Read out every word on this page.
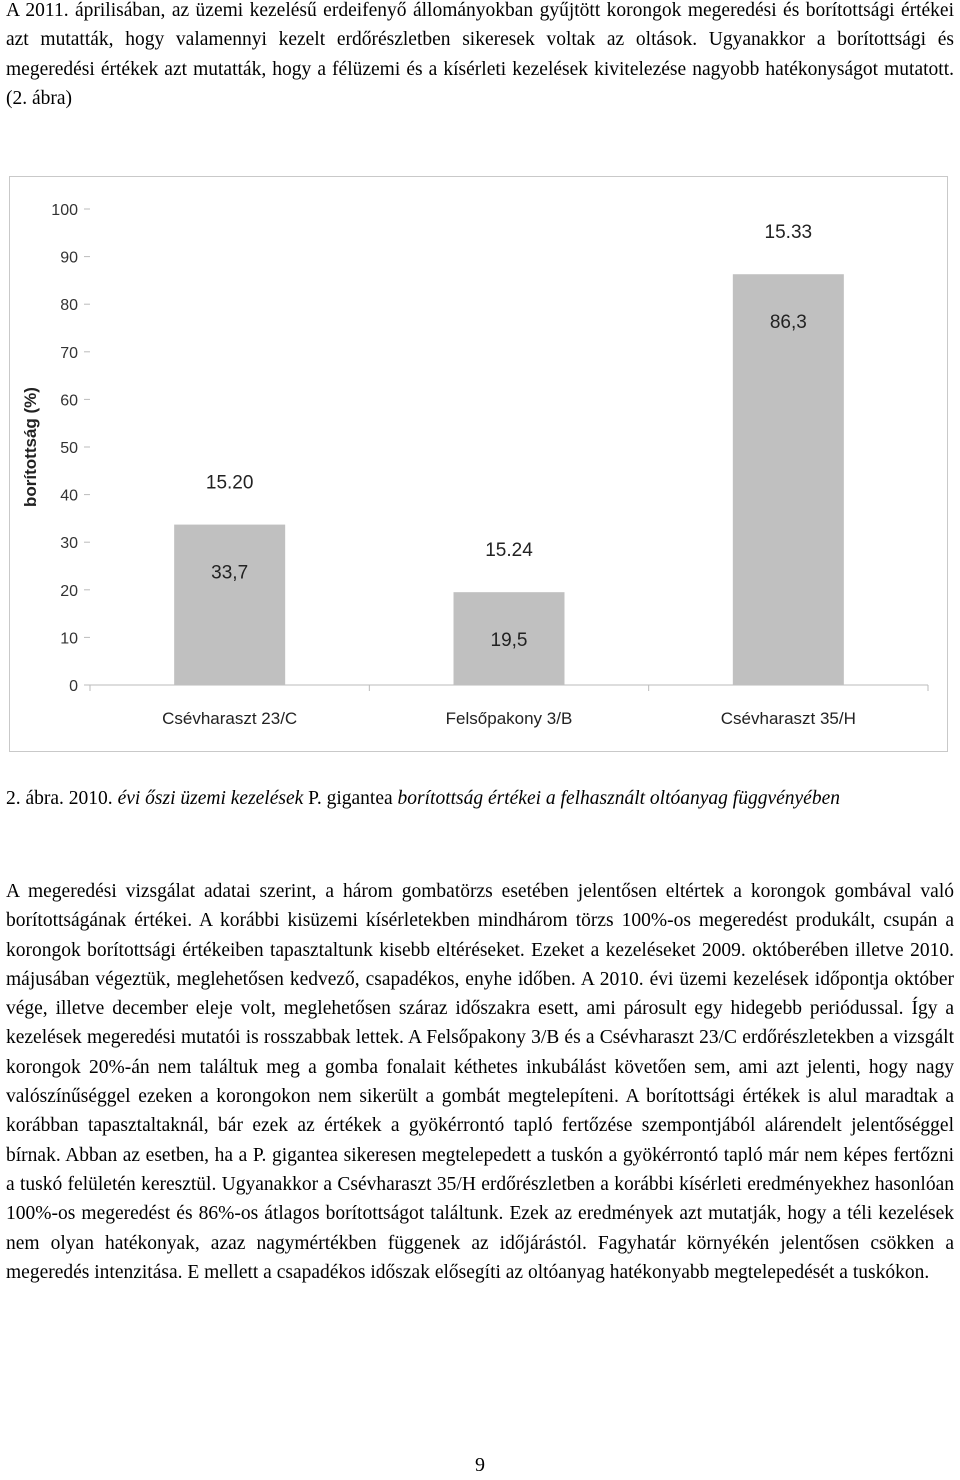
A 2011. áprilisában, az üzemi kezelésű erdeifenyő állományokban gyűjtött korongok megeredési és borítottsági értékei azt mutatták, hogy valamennyi kezelt erdőrészletben sikeresek voltak az oltások. Ugyanakkor a borítottsági és megeredési értékek azt mutatták, hogy a félüzemi és a kísérleti kezelések kivitelezése nagyobb hatékonyságot mutatott. (2. ábra)

0
10
20
30
40
50
60
70
80
90
100
borítottság (%)	15.20
33,7
Csévharaszt 23/C
15.24
19,5
Felsőpakony 3/B
15.33
86,3
Csévharaszt 35/H

2. ábra. 2010. évi őszi üzemi kezelések P. gigantea borítottság értékei a felhasznált oltóanyag függvényében

A megeredési vizsgálat adatai szerint, a három gombatörzs esetében jelentősen eltértek a korongok gombával való borítottságának értékei. A korábbi kisüzemi kísérletekben mindhárom törzs 100%-os megeredést produkált, csupán a korongok borítottsági értékeiben tapasztaltunk kisebb eltéréseket. Ezeket a kezeléseket 2009. októberében illetve 2010. májusában végeztük, meglehetősen kedvező, csapadékos, enyhe időben. A 2010. évi üzemi kezelések időpontja október vége, illetve december eleje volt, meglehetősen száraz időszakra esett, ami párosult egy hidegebb periódussal. Így a kezelések megeredési mutatói is rosszabbak lettek. A Felsőpakony 3/B és a Csévharaszt 23/C erdőrészletekben a vizsgált korongok 20%-án nem találtuk meg a gomba fonalait kéthetes inkubálást követően sem, ami azt jelenti, hogy nagy valószínűséggel ezeken a korongokon nem sikerült a gombát megtelepíteni. A borítottsági értékek is alul maradtak a korábban tapasztaltaknál, bár ezek az értékek a gyökérrontó tapló fertőzése szempontjából alárendelt jelentőséggel bírnak. Abban az esetben, ha a P. gigantea sikeresen megtelepedett a tuskón a gyökérrontó tapló már nem képes fertőzni a tuskó felületén keresztül. Ugyanakkor a Csévharaszt 35/H erdőrészletben a korábbi kísérleti eredményekhez hasonlóan 100%-os megeredést és 86%-os átlagos borítottságot találtunk. Ezek az eredmények azt mutatják, hogy a téli kezelések nem olyan hatékonyak, azaz nagymértékben függenek az időjárástól. Fagyhatár környékén jelentősen csökken a megeredés intenzitása. E mellett a csapadékos időszak elősegíti az oltóanyag hatékonyabb megtelepedését a tuskókon.

9
